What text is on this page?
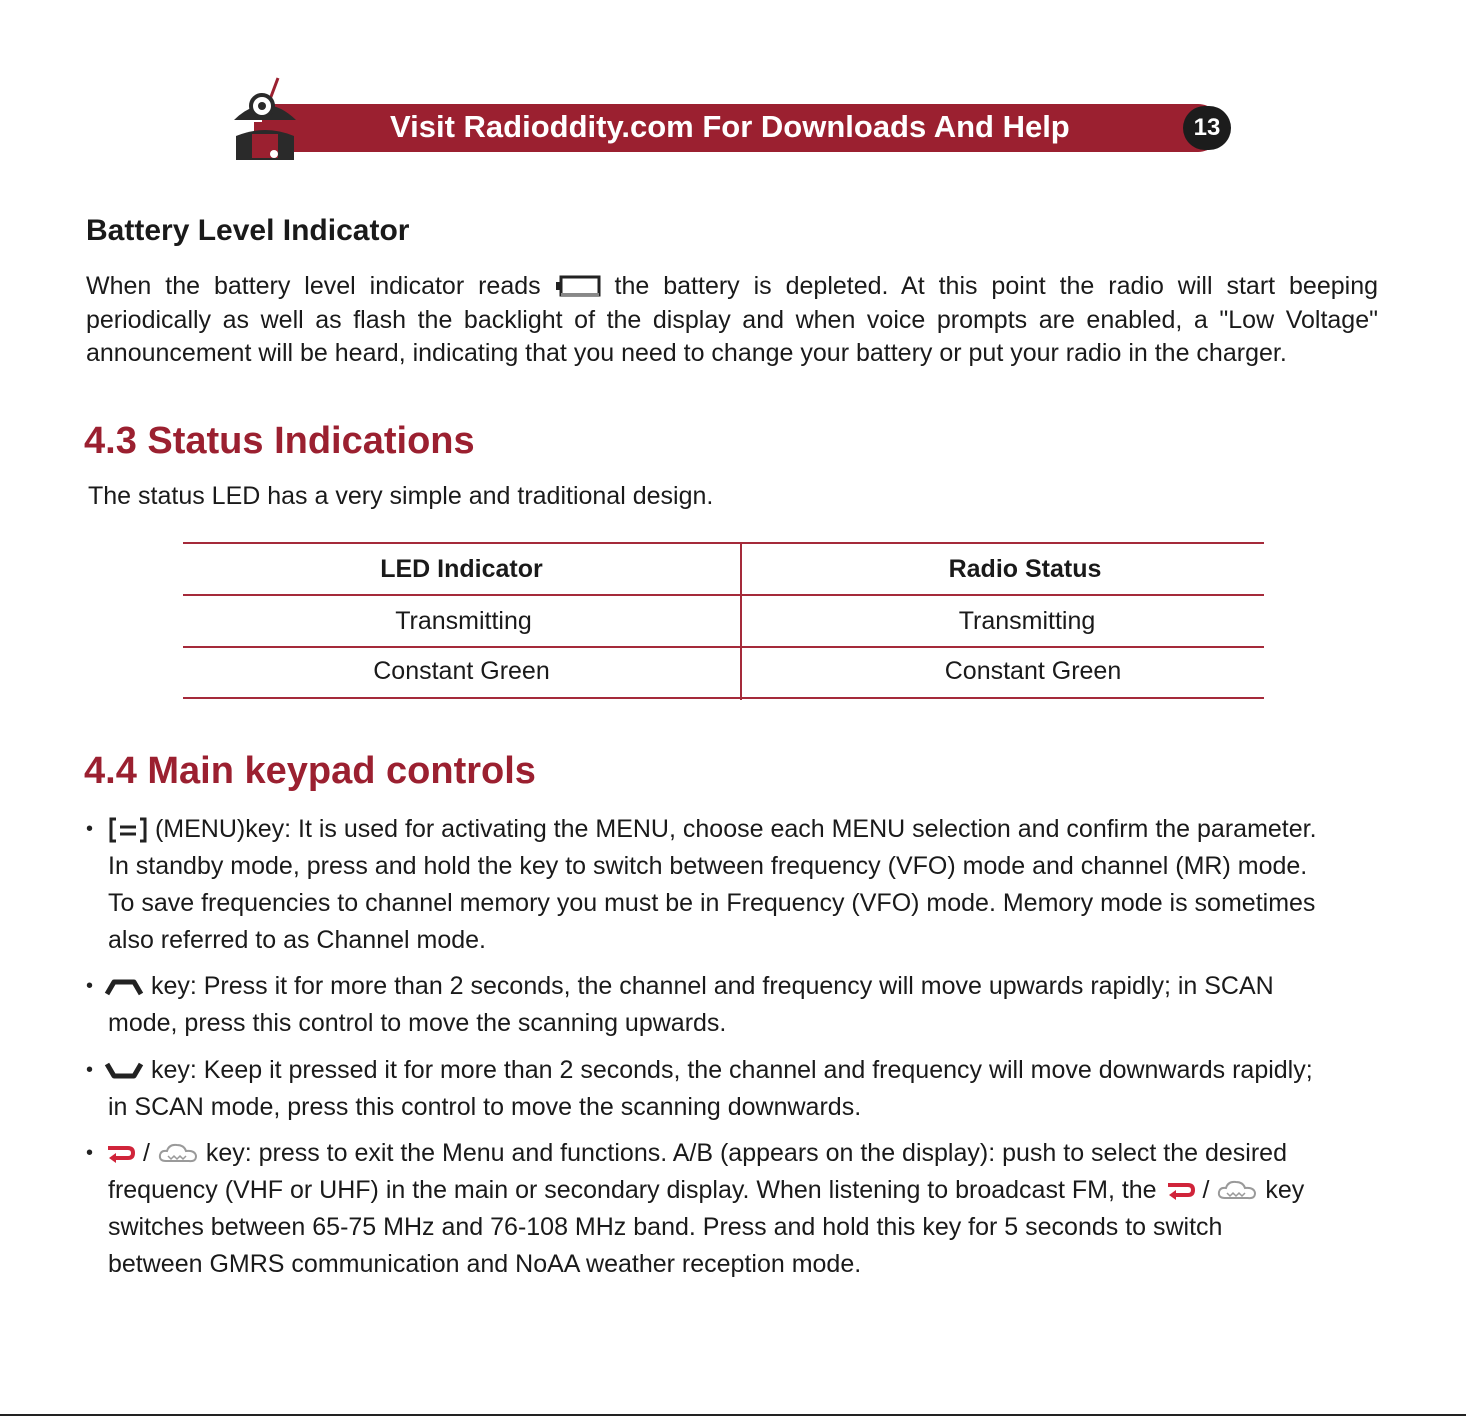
Visit Radioddity.com For Downloads And Help	13
Battery Level Indicator
When the battery level indicator reads	the battery is depleted. At this point the radio will start beeping
periodically as well as flash the backlight of the display and when voice prompts are enabled, a "Low Voltage"
announcement will be heard, indicating that you need to change your battery or put your radio in the charger.
4.3 Status Indications
The status LED has a very simple and traditional design.
LED Indicator	Radio Status
Transmitting	Transmitting
Constant Green	Constant Green
4.4 Main keypad controls
•	(MENU)key: It is used for activating the MENU, choose each MENU selection and confirm the parameter.
In standby mode, press and hold the key to switch between frequency (VFO) mode and channel (MR) mode.
To save frequencies to channel memory you must be in Frequency (VFO) mode. Memory mode is sometimes
also referred to as Channel mode.
•	key: Press it for more than 2 seconds, the channel and frequency will move upwards rapidly; in SCAN
mode, press this control to move the scanning upwards.
•	key: Keep it pressed it for more than 2 seconds, the channel and frequency will move downwards rapidly;
in SCAN mode, press this control to move the scanning downwards.
•	/ key: press to exit the Menu and functions. A/B (appears on the display): push to select the desired
frequency (VHF or UHF) in the main or secondary display. When listening to broadcast FM, the / key
switches between 65-75 MHz and 76-108 MHz band. Press and hold this key for 5 seconds to switch
between GMRS communication and NoAA weather reception mode.
